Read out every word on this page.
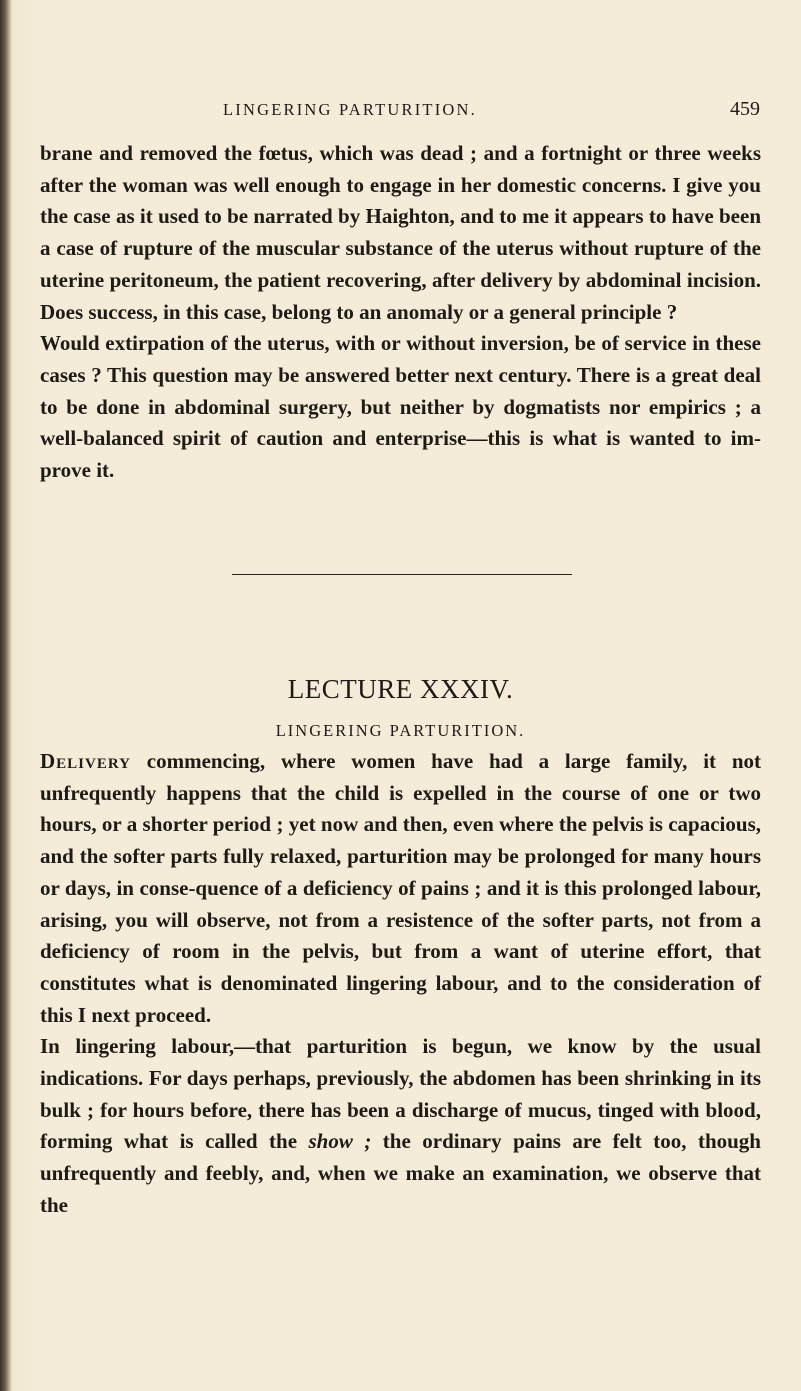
LINGERING PARTURITION.	459

brane and removed the fœtus, which was dead ; and a fortnight or three weeks after the woman was well enough to engage in her domestic concerns. I give you the case as it used to be narrated by Haighton, and to me it appears to have been a case of rupture of the muscular substance of the uterus without rupture of the uterine peritoneum, the patient recovering, after delivery by abdominal incision. Does success, in this case, belong to an anomaly or a general principle ?

Would extirpation of the uterus, with or without inversion, be of service in these cases ? This question may be answered better next century. There is a great deal to be done in abdominal surgery, but neither by dogmatists nor empirics ; a well-balanced spirit of caution and enterprise—this is what is wanted to im-prove it.

LECTURE XXXIV.
LINGERING PARTURITION.

Delivery commencing, where women have had a large family, it not unfrequently happens that the child is expelled in the course of one or two hours, or a shorter period ; yet now and then, even where the pelvis is capacious, and the softer parts fully relaxed, parturition may be prolonged for many hours or days, in conse-quence of a deficiency of pains ; and it is this prolonged labour, arising, you will observe, not from a resistence of the softer parts, not from a deficiency of room in the pelvis, but from a want of uterine effort, that constitutes what is denominated lingering labour, and to the consideration of this I next proceed.

In lingering labour,—that parturition is begun, we know by the usual indications. For days perhaps, previously, the abdomen has been shrinking in its bulk ; for hours before, there has been a discharge of mucus, tinged with blood, forming what is called the show ; the ordinary pains are felt too, though unfrequently and feebly, and, when we make an examination, we observe that the
